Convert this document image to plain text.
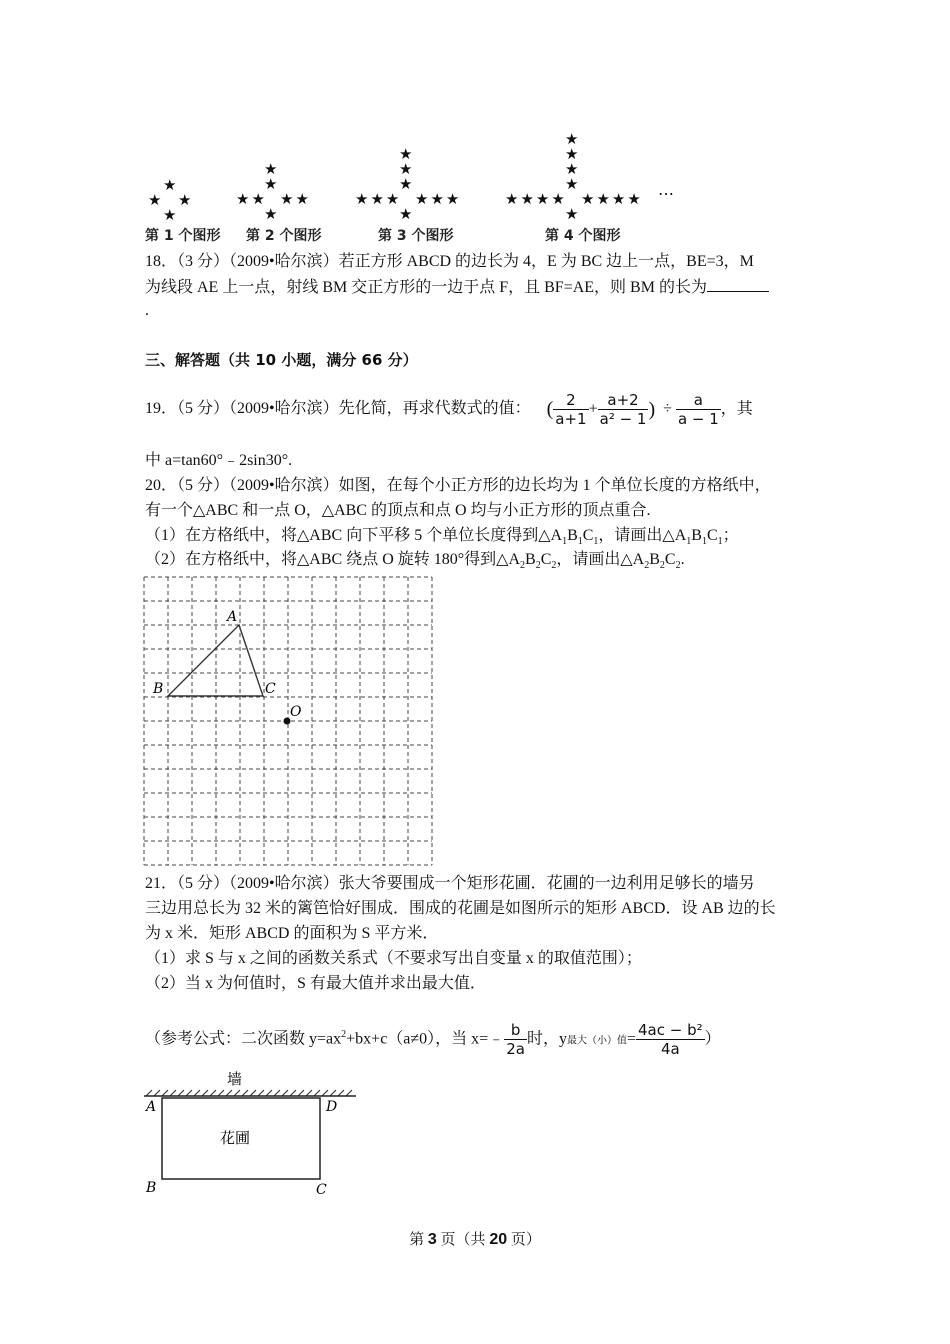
★
★ ★
★
★
★
★★ ★★
★
★
★
★
★★★ ★★★
★
★
★
★
★
★★★★ ★★★★
★
…
第 1 个图形 第 2 个图形	第 3 个图形	第 4 个图形
18．（3 分）（2009•哈尔滨）若正方形 ABCD 的边长为 4，E 为 BC 边上一点，BE=3，M
为线段 AE 上一点，射线 BM 交正方形的一边于点 F，且 BF=AE，则 BM 的长为
.
三、解答题（共 10 小题，满分 66 分）
19．（5 分）（2009•哈尔滨）先化简，再求代数式的值： ( $\frac{2}{a+1} + \frac{a+2}{\text{a² − 1}}$ ) ÷ $\frac{a}{a - 1}$ ，其
中 a=tan60°﹣2sin30°.
20．（5 分）（2009•哈尔滨）如图，在每个小正方形的边长均为 1 个单位长度的方格纸中，
有一个△ABC 和一点 O，△ABC 的顶点和点 O 均与小正方形的顶点重合.
（1）在方格纸中，将△ABC 向下平移 5 个单位长度得到$\triangle A_1B_1C_1$，请画出$\triangle A_1B_1C_1$；
（2）在方格纸中，将△ABC 绕点 O 旋转 180°得到$\triangle A_2B_2C_2$，请画出$\triangle A_2B_2C_2$.
A
B	C
O
21．（5 分）（2009•哈尔滨）张大爷要围成一个矩形花圃．花圃的一边利用足够长的墙另
三边用总长为 32 米的篱笆恰好围成．围成的花圃是如图所示的矩形 ABCD．设 AB 边的长
为 x 米．矩形 ABCD 的面积为 S 平方米．
（1）求 S 与 x 之间的函数关系式（不要求写出自变量 x 的取值范围）；
（2）当 x 为何值时，S 有最大值并求出最大值．
（参考公式：二次函数 $y=ax^2+bx+c(a\ne 0)$，当 x=﹣ $\frac{b}{2a}$ 时，y最大（小）值= $\frac{\text{4ac − b²}}{4a}$ ）
墙
花圃
A	D
B	C
第 3 页（共 20 页）
